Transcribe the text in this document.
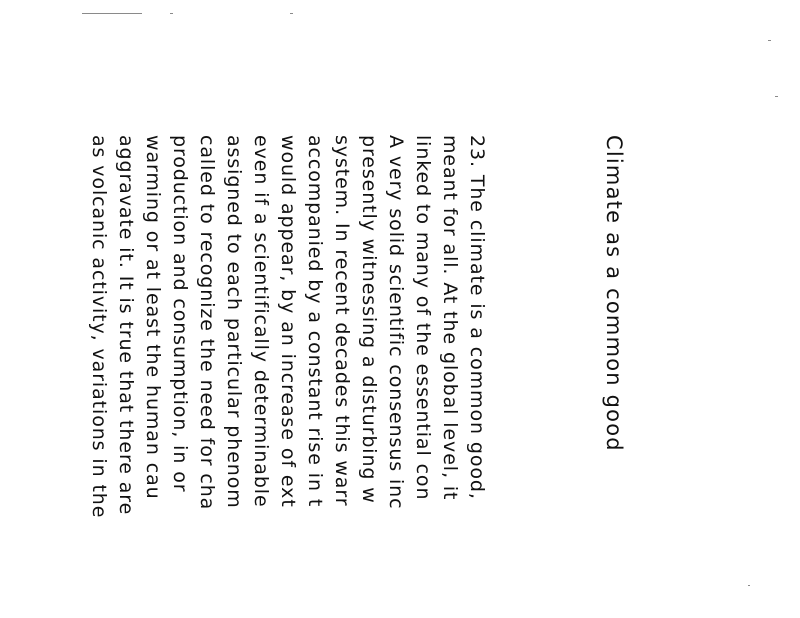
Climate as a common good
23. The climate is a common good,
meant for all. At the global level, it
linked to many of the essential con
A very solid scientific consensus inc
presently witnessing a disturbing w
system. In recent decades this warr
accompanied by a constant rise in t
would appear, by an increase of ext
even if a scientifically determinable
assigned to each particular phenom
called to recognize the need for cha
production and consumption, in or
warming or at least the human cau
aggravate it. It is true that there are
as volcanic activity, variations in the
